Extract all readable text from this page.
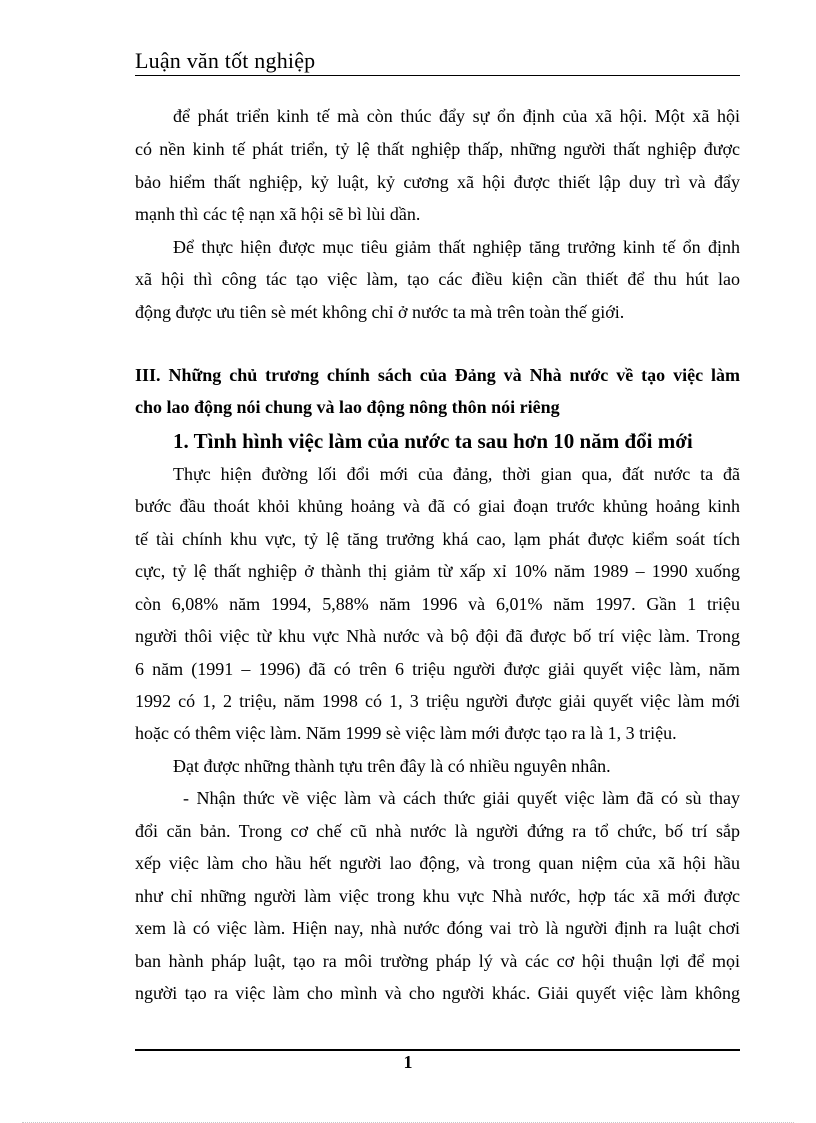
Luận văn tốt nghiệp
để phát triển kinh tế mà còn thúc đẩy sự ổn định của xã hội. Một xã hội
có nền kinh tế phát triển, tỷ lệ thất nghiệp thấp, những người thất nghiệp được
bảo hiểm thất nghiệp, kỷ luật, kỷ cương xã hội được thiết lập duy trì và đẩy
mạnh thì các tệ nạn xã hội sẽ bì lùi dần.
Để thực hiện được mục tiêu giảm thất nghiệp tăng trưởng kinh tế ổn định
xã hội thì công tác tạo việc làm, tạo các điều kiện cần thiết để thu hút lao
động được ưu tiên sè mét không chỉ ở nước ta mà trên toàn thế giới.
III. Những chủ trương chính sách của Đảng và Nhà nước về tạo việc làm
cho lao động nói chung và lao động nông thôn nói riêng
1. Tình hình việc làm của nước ta sau hơn 10 năm đổi mới
Thực hiện đường lối đổi mới của đảng, thời gian qua, đất nước ta đã
bước đầu thoát khỏi khủng hoảng và đã có giai đoạn trước khủng hoảng kinh
tế tài chính khu vực, tỷ lệ tăng trưởng khá cao, lạm phát được kiểm soát tích
cực, tỷ lệ thất nghiệp ở thành thị giảm từ xấp xỉ 10% năm 1989 – 1990 xuống
còn 6,08% năm 1994, 5,88% năm 1996 và 6,01% năm 1997. Gần 1 triệu
người thôi việc từ khu vực Nhà nước và bộ đội đã được bố trí việc làm. Trong
6 năm (1991 – 1996) đã có trên 6 triệu người được giải quyết việc làm, năm
1992 có 1, 2 triệu, năm 1998 có 1, 3 triệu người được giải quyết việc làm mới
hoặc có thêm việc làm. Năm 1999 sè việc làm mới được tạo ra là 1, 3 triệu.
Đạt được những thành tựu trên đây là có nhiều nguyên nhân.
- Nhận thức về việc làm và cách thức giải quyết việc làm đã có sù thay
đổi căn bản. Trong cơ chế cũ nhà nước là người đứng ra tổ chức, bố trí sắp
xếp việc làm cho hầu hết người lao động, và trong quan niệm của xã hội hầu
như chỉ những người làm việc trong khu vực Nhà nước, hợp tác xã mới được
xem là có việc làm. Hiện nay, nhà nước đóng vai trò là người định ra luật chơi
ban hành pháp luật, tạo ra môi trường pháp lý và các cơ hội thuận lợi để mọi
người tạo ra việc làm cho mình và cho người khác. Giải quyết việc làm không
1
